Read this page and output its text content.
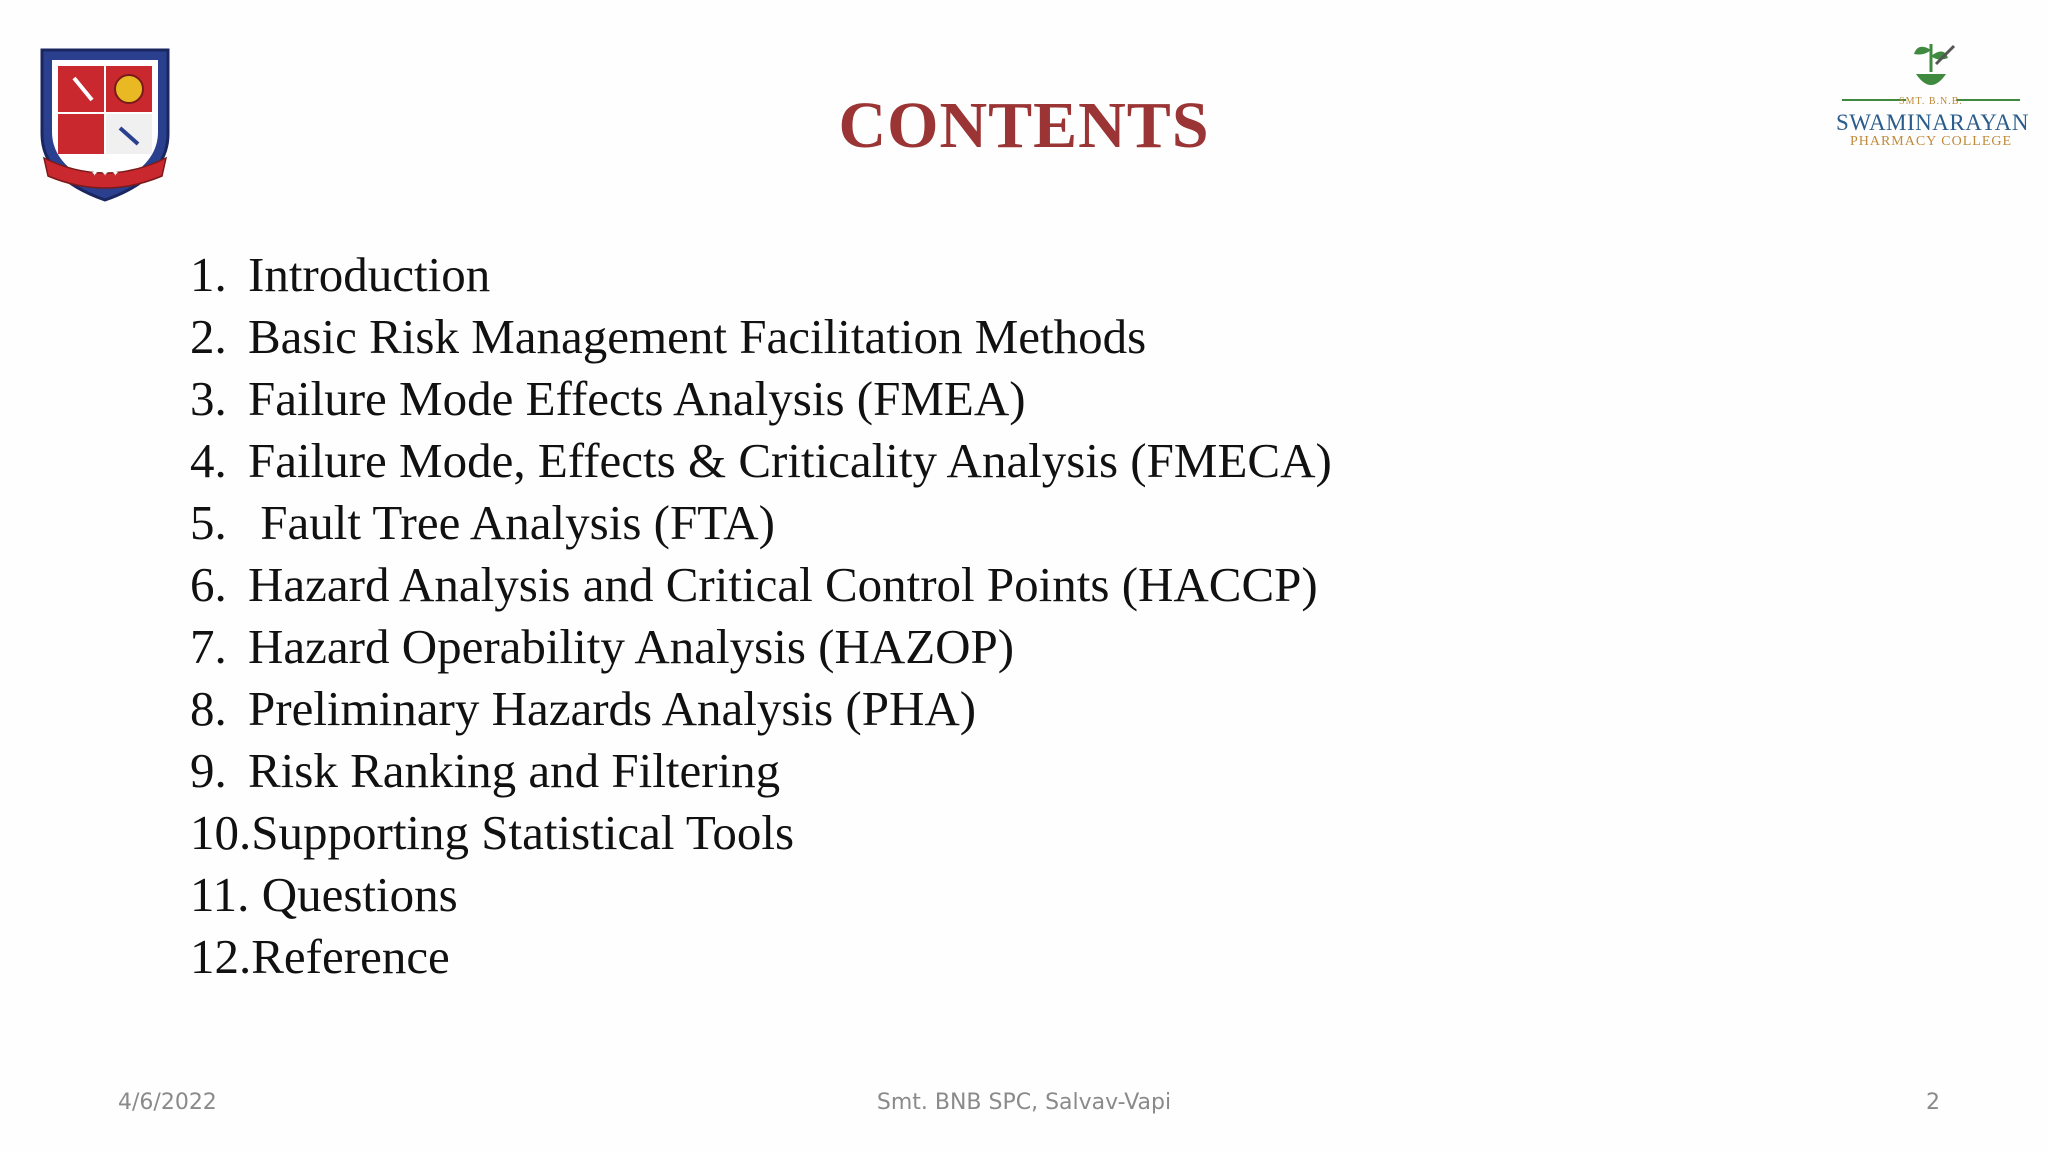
✦ ✦ ✦
CONTENTS	SMT. B.N.B.
SWAMINARAYAN
PHARMACY COLLEGE
1. Introduction
2. Basic Risk Management Facilitation Methods
3. Failure Mode Effects Analysis (FMEA)
4. Failure Mode, Effects & Criticality Analysis (FMECA)
5. Fault Tree Analysis (FTA)
6. Hazard Analysis and Critical Control Points (HACCP)
7. Hazard Operability Analysis (HAZOP)
8. Preliminary Hazards Analysis (PHA)
9. Risk Ranking and Filtering
10.Supporting Statistical Tools
11. Questions
12.Reference
4/6/2022	Smt. BNB SPC, Salvav-Vapi	2
